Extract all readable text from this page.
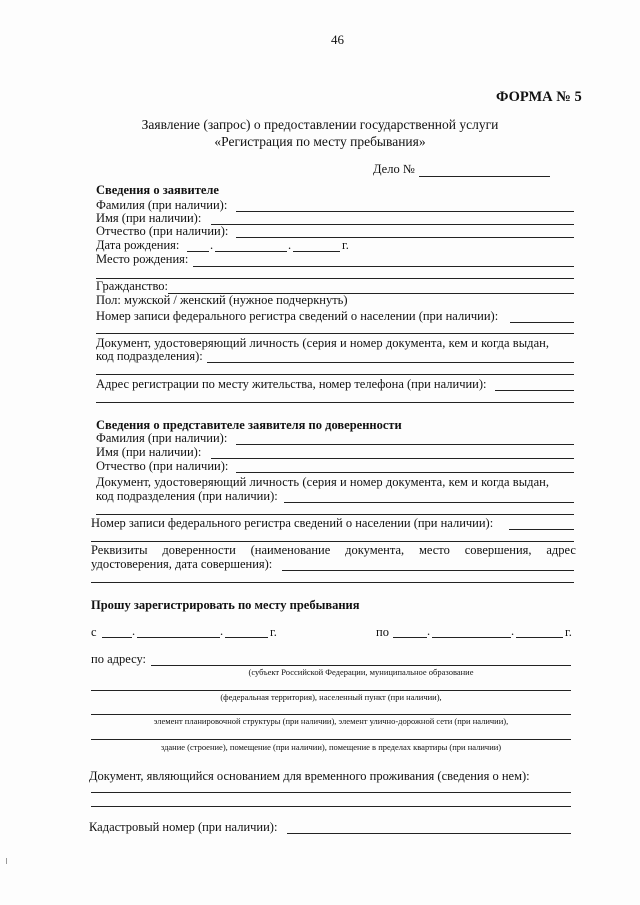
46
ФОРМА № 5
Заявление (запрос) о предоставлении государственной услуги
«Регистрация по месту пребывания»
Дело №
Сведения о заявителе
Фамилия (при наличии):
Имя (при наличии):
Отчество (при наличии):
Дата рождения: .	.	г.
Место рождения:
Гражданство:
Пол: мужской / женский (нужное подчеркнуть)
Номер записи федерального регистра сведений о населении (при наличии):
Документ, удостоверяющий личность (серия и номер документа, кем и когда выдан,
код подразделения):
Адрес регистрации по месту жительства, номер телефона (при наличии):
Сведения о представителе заявителя по доверенности
Фамилия (при наличии):
Имя (при наличии):
Отчество (при наличии):
Документ, удостоверяющий личность (серия и номер документа, кем и когда выдан,
код подразделения (при наличии):
Номер записи федерального регистра сведений о населении (при наличии):
Реквизиты доверенности (наименование документа, место совершения, адрес
удостоверения, дата совершения):
Прошу зарегистрировать по месту пребывания
с	.	.	г.	по	.	.	г.
по адресу:
(субъект Российской Федерации, муниципальное образование
(федеральная территория), населенный пункт (при наличии),
элемент планировочной структуры (при наличии), элемент улично-дорожной сети (при наличии),
здание (строение), помещение (при наличии), помещение в пределах квартиры (при наличии)
Документ, являющийся основанием для временного проживания (сведения о нем):
Кадастровый номер (при наличии):
